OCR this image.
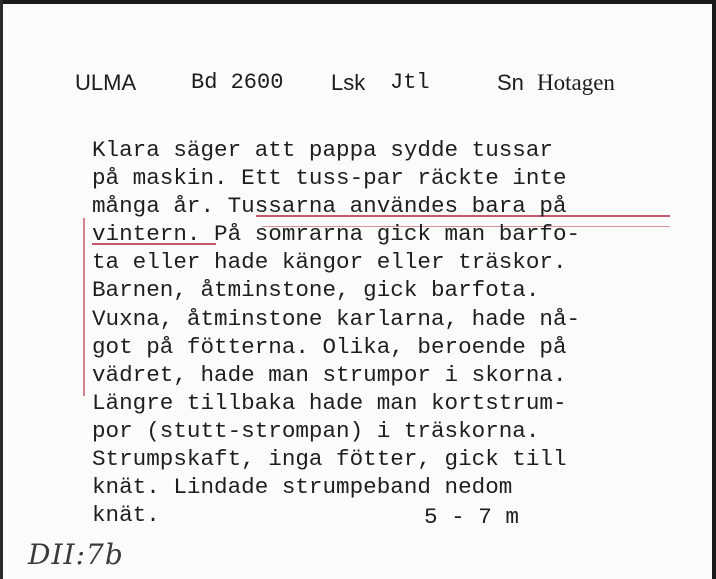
ULMA Bd 2600 Lsk Jtl	Sn Hotagen
Klara säger att pappa sydde tussar
på maskin. Ett tuss-par räckte inte
många år. Tussarna användes bara på
vintern. På somrarna gick man barfo-
ta eller hade kängor eller träskor.
Barnen, åtminstone, gick barfota.
Vuxna, åtminstone karlarna, hade nå-
got på fötterna. Olika, beroende på
vädret, hade man strumpor i skorna.
Längre tillbaka hade man kortstrum-
por (stutt-strompan) i träskorna.
Strumpskaft, inga fötter, gick till
knät. Lindade strumpeband nedom
knät.	5 - 7 m
DII:7b
